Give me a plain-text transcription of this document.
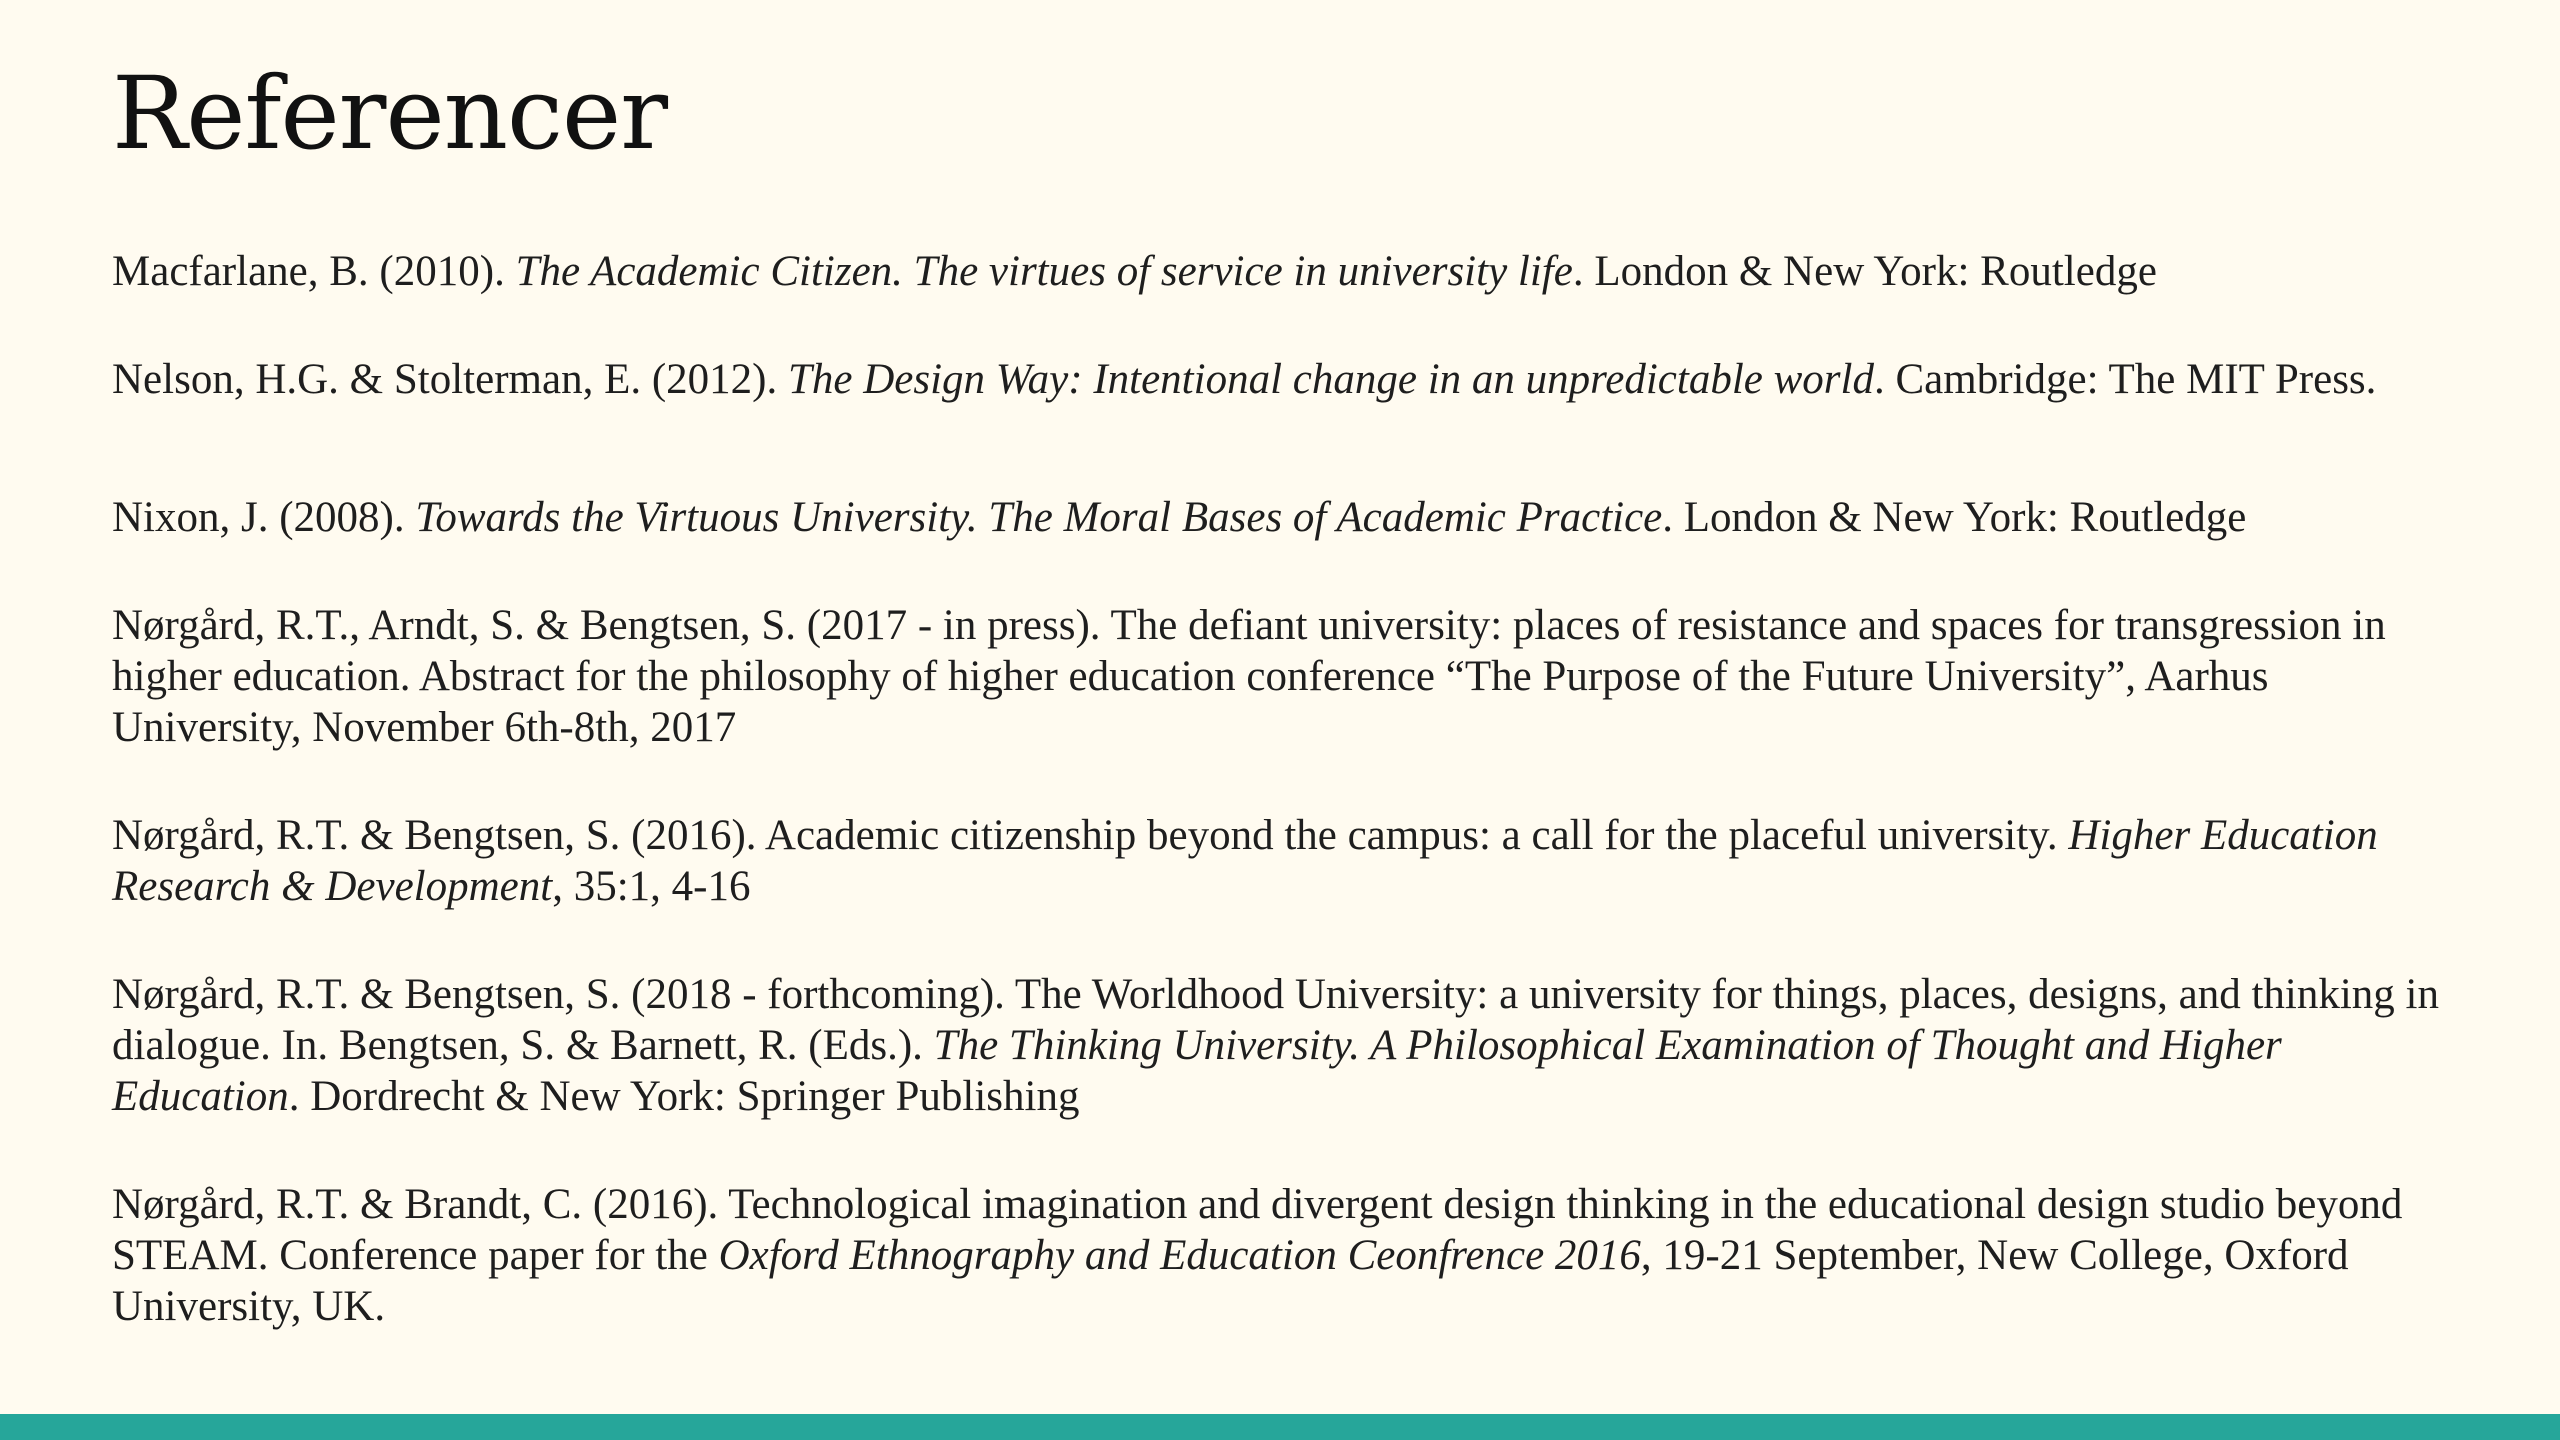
Referencer

Macfarlane, B. (2010). The Academic Citizen. The virtues of service in university life. London & New York: Routledge

Nelson, H.G. & Stolterman, E. (2012). The Design Way: Intentional change in an unpredictable world. Cambridge: The MIT Press.

Nixon, J. (2008). Towards the Virtuous University. The Moral Bases of Academic Practice. London & New York: Routledge

Nørgård, R.T., Arndt, S. & Bengtsen, S. (2017 - in press). The defiant university: places of resistance and spaces for transgression in higher education. Abstract for the philosophy of higher education conference “The Purpose of the Future University”, Aarhus University, November 6th-8th, 2017

Nørgård, R.T. & Bengtsen, S. (2016). Academic citizenship beyond the campus: a call for the placeful university. Higher Education Research & Development, 35:1, 4-16

Nørgård, R.T. & Bengtsen, S. (2018 - forthcoming). The Worldhood University: a university for things, places, designs, and thinking in dialogue. In. Bengtsen, S. & Barnett, R. (Eds.). The Thinking University. A Philosophical Examination of Thought and Higher Education. Dordrecht & New York: Springer Publishing

Nørgård, R.T. & Brandt, C. (2016). Technological imagination and divergent design thinking in the educational design studio beyond STEAM. Conference paper for the Oxford Ethnography and Education Ceonfrence 2016, 19-21 September, New College, Oxford University, UK.
